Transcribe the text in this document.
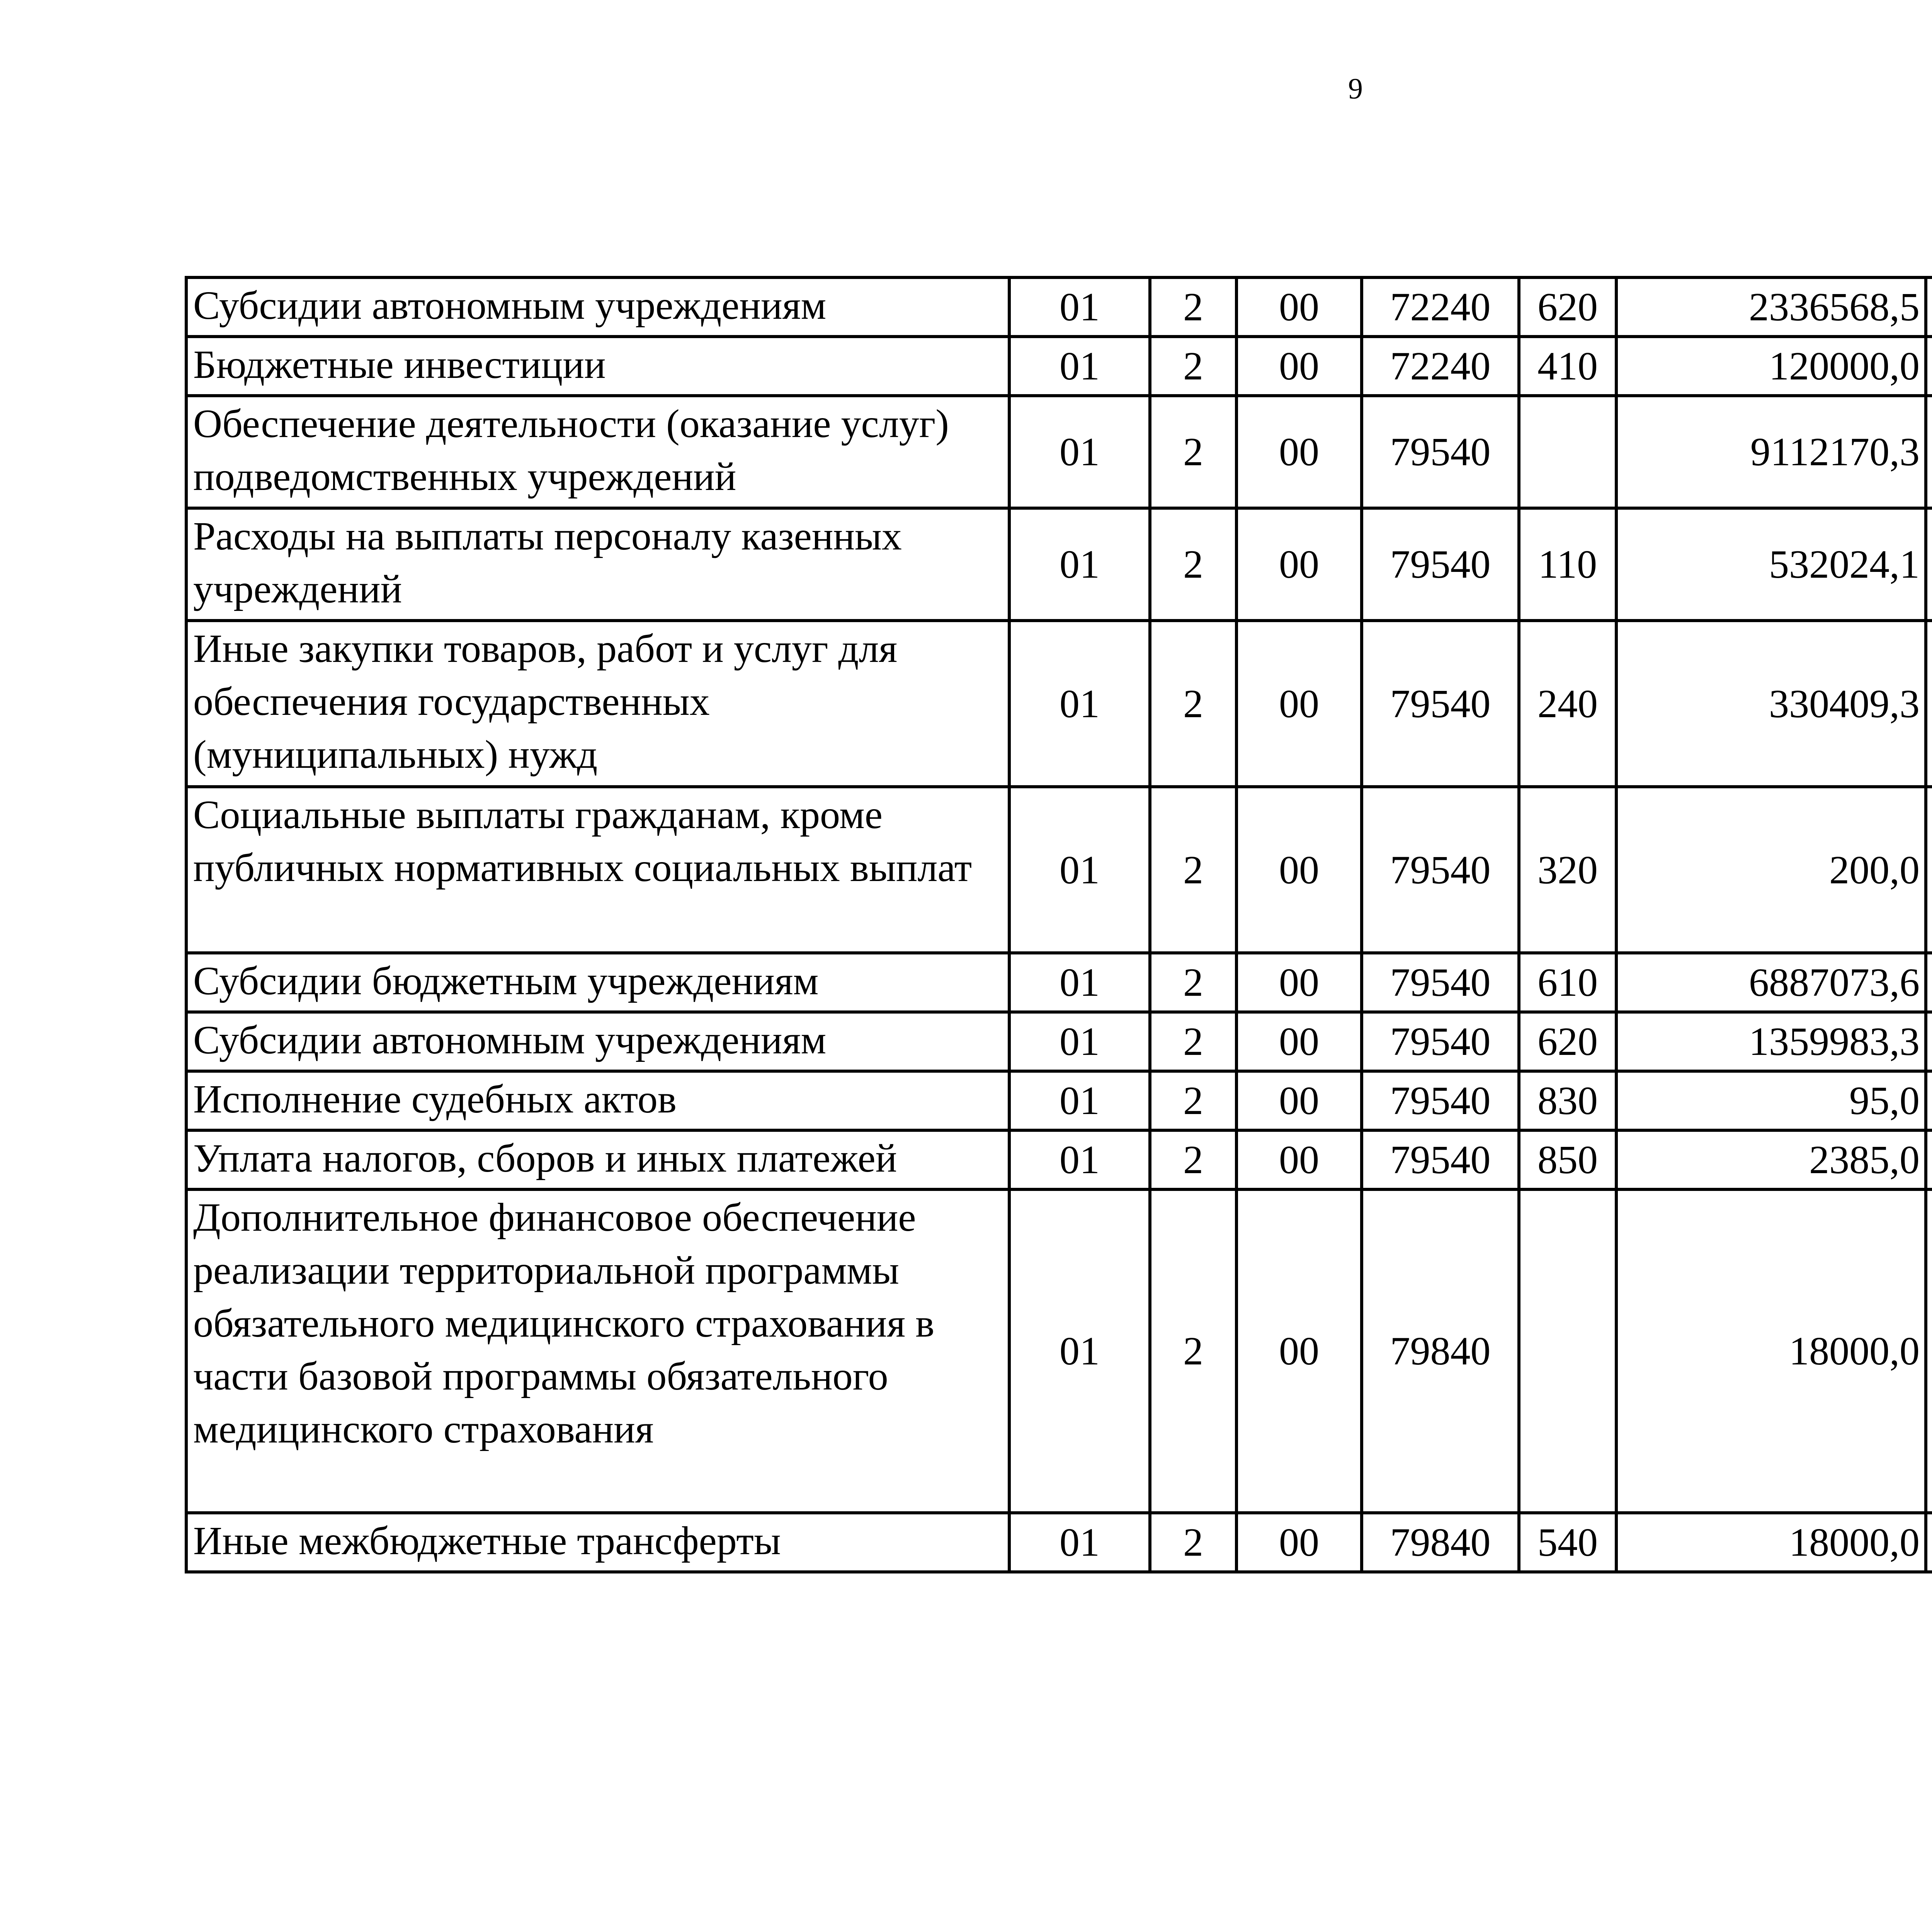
9
Субсидии автономным учреждениям	01	2	00	72240	620	2336568,5		
Бюджетные инвестиции	01	2	00	72240	410	120000,0		
Обеспечение деятельности (оказание услуг) подведомственных учреждений	01	2	00	79540		9112170,3		
Расходы на выплаты персоналу казенных учреждений	01	2	00	79540	110	532024,1		
Иные закупки товаров, работ и услуг для обеспечения государственных (муниципальных) нужд	01	2	00	79540	240	330409,3		
Социальные выплаты гражданам, кроме публичных нормативных социальных выплат	01	2	00	79540	320	200,0		
Субсидии бюджетным учреждениям	01	2	00	79540	610	6887073,6		
Субсидии автономным учреждениям	01	2	00	79540	620	1359983,3		
Исполнение судебных актов	01	2	00	79540	830	95,0		
Уплата налогов, сборов и иных платежей	01	2	00	79540	850	2385,0		
Дополнительное финансовое обеспечение реализации территориальной программы обязательного медицинского страхования в части базовой программы обязательного медицинского страхования	01	2	00	79840		18000,0		
Иные межбюджетные трансферты	01	2	00	79840	540	18000,0		
